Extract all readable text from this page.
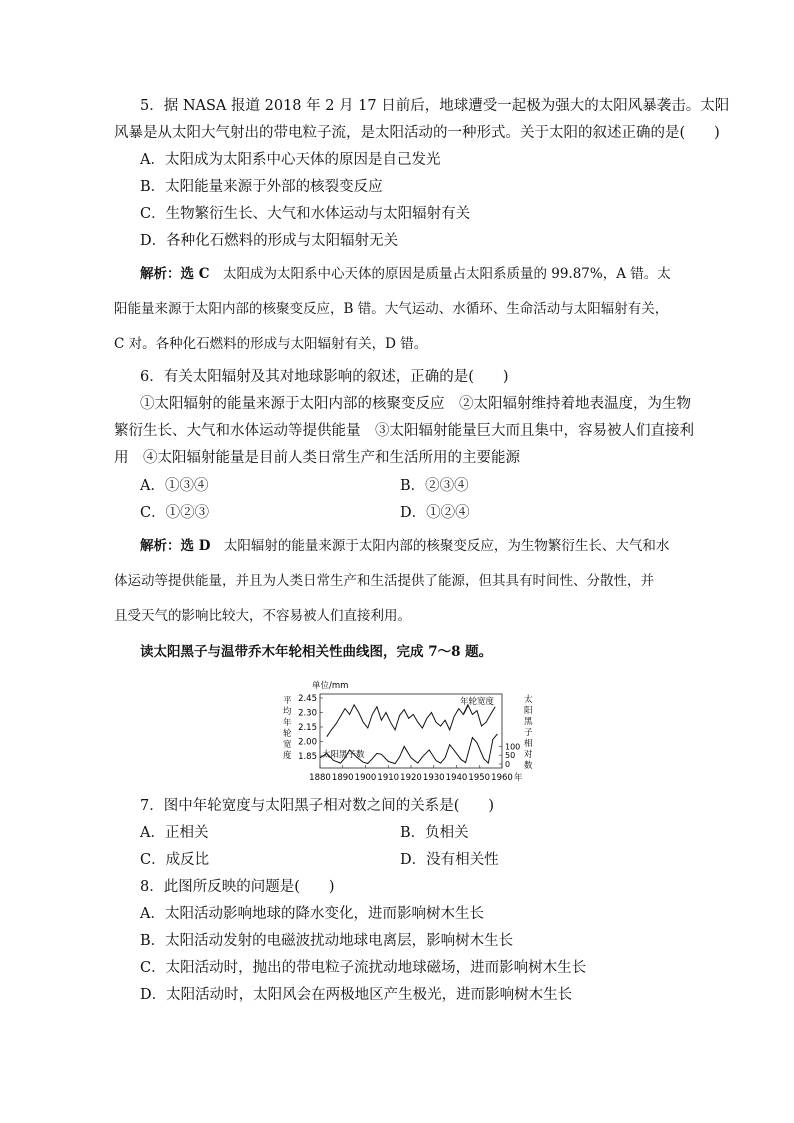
5．据 NASA 报道 2018 年 2 月 17 日前后，地球遭受一起极为强大的太阳风暴袭击。太阳
风暴是从太阳大气射出的带电粒子流，是太阳活动的一种形式。关于太阳的叙述正确的是(　　)
A．太阳成为太阳系中心天体的原因是自己发光
B．太阳能量来源于外部的核裂变反应
C．生物繁衍生长、大气和水体运动与太阳辐射有关
D．各种化石燃料的形成与太阳辐射无关
解析：选 C　太阳成为太阳系中心天体的原因是质量占太阳系质量的 99.87%，A 错。太
阳能量来源于太阳内部的核聚变反应，B 错。大气运动、水循环、生命活动与太阳辐射有关，
C 对。各种化石燃料的形成与太阳辐射有关，D 错。
6．有关太阳辐射及其对地球影响的叙述，正确的是(　　)
①太阳辐射的能量来源于太阳内部的核聚变反应　②太阳辐射维持着地表温度，为生物
繁衍生长、大气和水体运动等提供能量　③太阳辐射能量巨大而且集中，容易被人们直接利
用　④太阳辐射能量是目前人类日常生产和生活所用的主要能源
A．①③④	B．②③④
C．①②③	D．①②④
解析：选 D　太阳辐射的能量来源于太阳内部的核聚变反应，为生物繁衍生长、大气和水
体运动等提供能量，并且为人类日常生产和生活提供了能源，但其具有时间性、分散性，并
且受天气的影响比较大，不容易被人们直接利用。
读太阳黑子与温带乔木年轮相关性曲线图，完成 7～8 题。
单位/mm
平
均
年
轮
宽
度
2.45
2.30
2.15
2.00
1.85
太
阳
黑
子
相
对
数
100
50
0
1880 1890 1900 1910 1920 1930 1940 1950 1960 年
年轮宽度
太阳黑子数
7．图中年轮宽度与太阳黑子相对数之间的关系是(　　)
A．正相关	B．负相关
C．成反比	D．没有相关性
8．此图所反映的问题是(　　)
A．太阳活动影响地球的降水变化，进而影响树木生长
B．太阳活动发射的电磁波扰动地球电离层，影响树木生长
C．太阳活动时，抛出的带电粒子流扰动地球磁场，进而影响树木生长
D．太阳活动时，太阳风会在两极地区产生极光，进而影响树木生长
